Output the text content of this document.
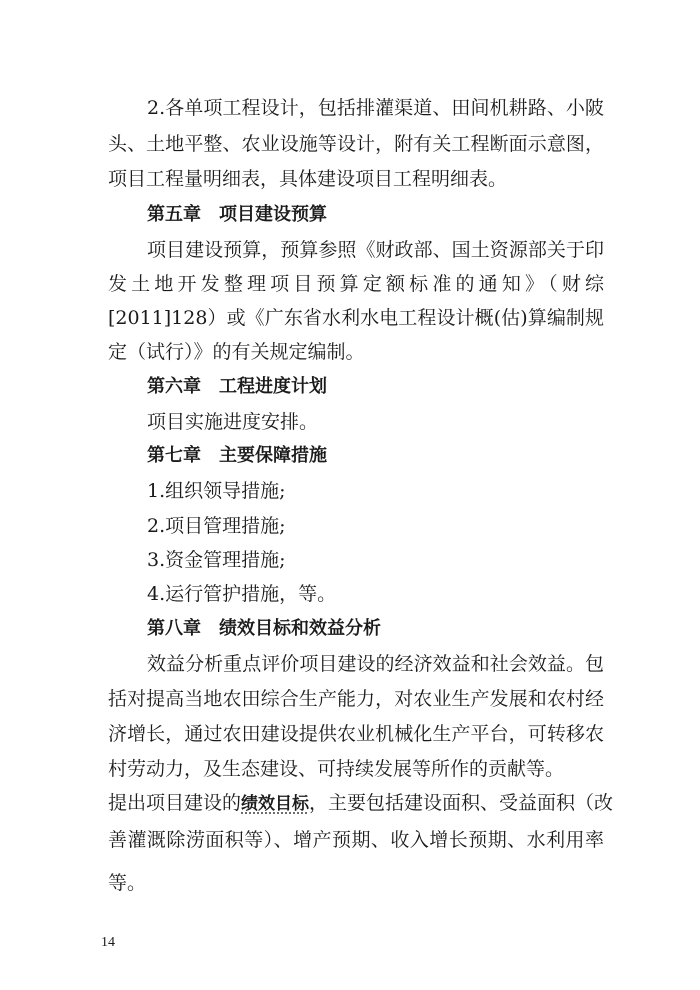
2.各单项工程设计，包括排灌渠道、田间机耕路、小陂
头、土地平整、农业设施等设计，附有关工程断面示意图，
项目工程量明细表，具体建设项目工程明细表。
第五章 项目建设预算
项目建设预算，预算参照《财政部、国土资源部关于印
发土地开发整理项目预算定额标准的通知》（财综
[2011]128）或《广东省水利水电工程设计概(估)算编制规
定（试行）》的有关规定编制。
第六章 工程进度计划
项目实施进度安排。
第七章 主要保障措施
1.组织领导措施;
2.项目管理措施;
3.资金管理措施;
4.运行管护措施，等。
第八章 绩效目标和效益分析
效益分析重点评价项目建设的经济效益和社会效益。包
括对提高当地农田综合生产能力，对农业生产发展和农村经
济增长，通过农田建设提供农业机械化生产平台，可转移农
村劳动力，及生态建设、可持续发展等所作的贡献等。
提出项目建设的绩效目标，主要包括建设面积、受益面积（改
善灌溉除涝面积等）、增产预期、收入增长预期、水利用率
等。
14
